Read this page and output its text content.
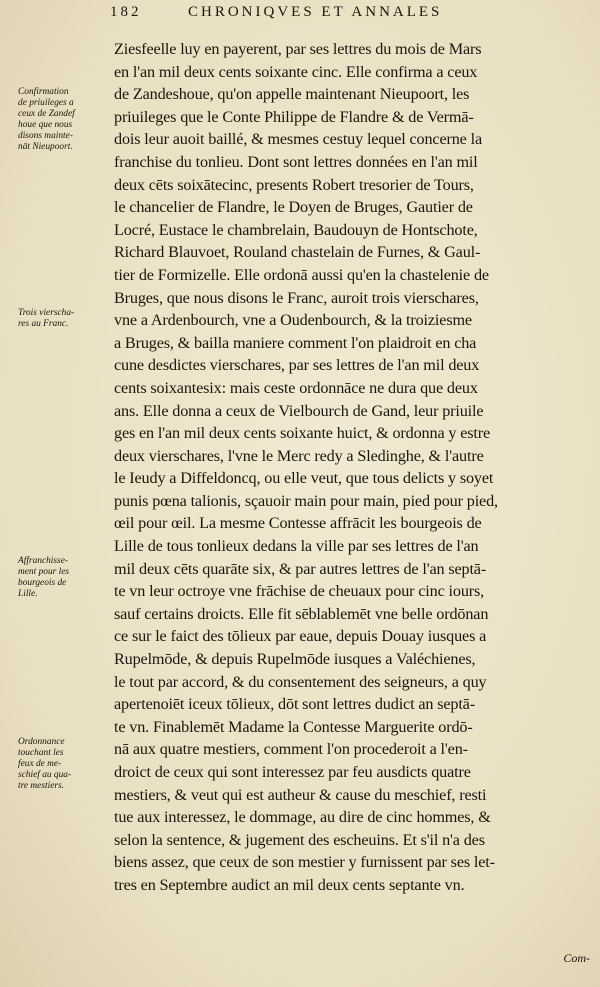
182	CHRONIQVES ET ANNALES
Confirmation
de priuileges a
ceux de Zandef
houe que nous
disons mainte-
nāt Nieupoort.
Trois vierscha-
res au Franc.
Affranchisse-
ment pour les
bourgeois de
Lille.
Ordonnance
touchant les
feux de me-
schief au qua-
tre mestiers.
Ziesfeelle luy en payerent, par ses lettres du mois de Mars
en l'an mil deux cents soixante cinc. Elle confirma a ceux
de Zandeshoue, qu'on appelle maintenant Nieupoort, les
priuileges que le Conte Philippe de Flandre & de Vermā-
dois leur auoit baillé, & mesmes cestuy lequel concerne la
franchise du tonlieu. Dont sont lettres données en l'an mil
deux cēts soixātecinc, presents Robert tresorier de Tours,
le chancelier de Flandre, le Doyen de Bruges, Gautier de
Locré, Eustace le chambrelain, Baudouyn de Hontschote,
Richard Blauvoet, Rouland chastelain de Furnes, & Gaul-
tier de Formizelle. Elle ordonā aussi qu'en la chastelenie de
Bruges, que nous disons le Franc, auroit trois vierschares,
vne a Ardenbourch, vne a Oudenbourch, & la troiziesme
a Bruges, & bailla maniere comment l'on plaidroit en cha
cune desdictes vierschares, par ses lettres de l'an mil deux
cents soixantesix: mais ceste ordonnāce ne dura que deux
ans. Elle donna a ceux de Vielbourch de Gand, leur priuile
ges en l'an mil deux cents soixante huict, & ordonna y estre
deux vierschares, l'vne le Merc redy a Sledinghe, & l'autre
le Ieudy a Diffeldoncq, ou elle veut, que tous delicts y soyet
punis pœna talionis, sçauoir main pour main, pied pour pied,
œil pour œil. La mesme Contesse affrācit les bourgeois de
Lille de tous tonlieux dedans la ville par ses lettres de l'an
mil deux cēts quarāte six, & par autres lettres de l'an septā-
te vn leur octroye vne frāchise de cheuaux pour cinc iours,
sauf certains droicts. Elle fit sēblablemēt vne belle ordōnan
ce sur le faict des tōlieux par eaue, depuis Douay iusques a
Rupelmōde, & depuis Rupelmōde iusques a Valéchienes,
le tout par accord, & du consentement des seigneurs, a quy
apertenoiēt iceux tōlieux, dōt sont lettres dudict an septā-
te vn. Finablemēt Madame la Contesse Marguerite ordō-
nā aux quatre mestiers, comment l'on procederoit a l'en-
droict de ceux qui sont interessez par feu ausdicts quatre
mestiers, & veut qui est autheur & cause du meschief, resti
tue aux interessez, le dommage, au dire de cinc hommes, &
selon la sentence, & jugement des escheuins. Et s'il n'a des
biens assez, que ceux de son mestier y furnissent par ses let-
tres en Septembre audict an mil deux cents septante vn.
Com-
